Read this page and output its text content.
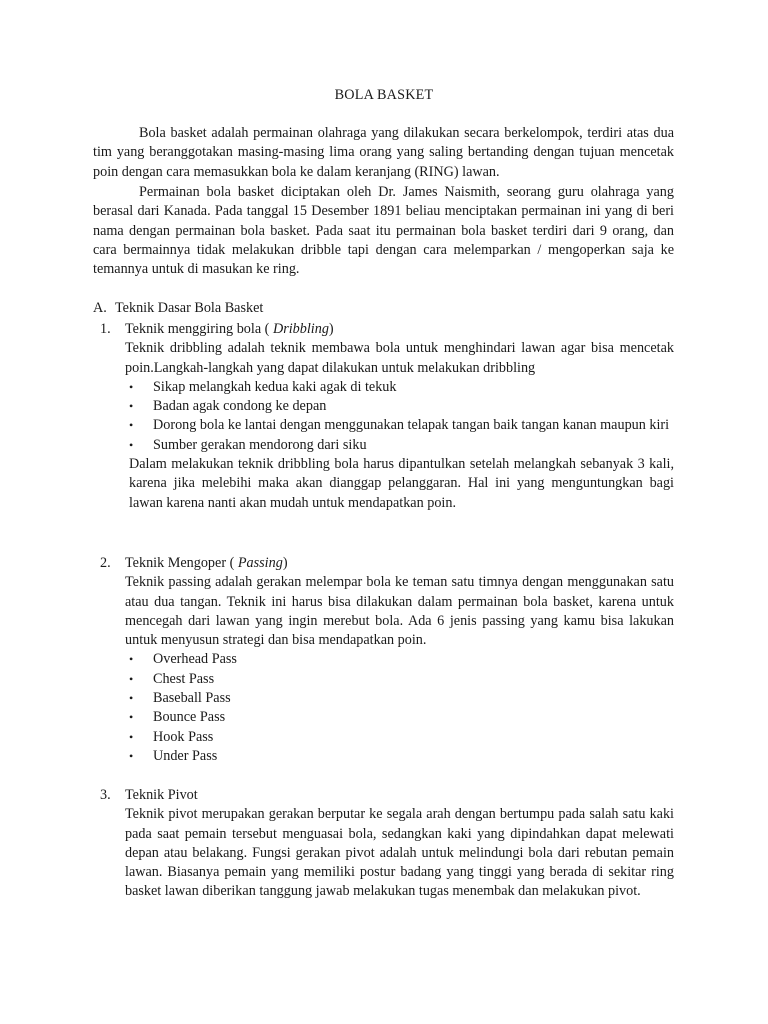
BOLA BASKET

Bola basket adalah permainan olahraga yang dilakukan secara berkelompok, terdiri atas dua tim yang beranggotakan masing-masing lima orang yang saling bertanding dengan tujuan mencetak poin dengan cara memasukkan bola ke dalam keranjang (RING) lawan.

Permainan bola basket diciptakan oleh Dr. James Naismith, seorang guru olahraga yang berasal dari Kanada. Pada tanggal 15 Desember 1891 beliau menciptakan permainan ini yang di beri nama dengan permainan bola basket. Pada saat itu permainan bola basket terdiri dari 9 orang, dan cara bermainnya tidak melakukan dribble tapi dengan cara melemparkan / mengoperkan saja ke temannya untuk di masukan ke ring.

A. Teknik Dasar Bola Basket

1. Teknik menggiring bola ( Dribbling)

Teknik dribbling adalah teknik membawa bola untuk menghindari lawan agar bisa mencetak poin.Langkah-langkah yang dapat dilakukan untuk melakukan dribbling

• Sikap melangkah kedua kaki agak di tekuk
• Badan agak condong ke depan
• Dorong bola ke lantai dengan menggunakan telapak tangan baik tangan kanan maupun kiri
• Sumber gerakan mendorong dari siku

Dalam melakukan teknik dribbling bola harus dipantulkan setelah melangkah sebanyak 3 kali, karena jika melebihi maka akan dianggap pelanggaran. Hal ini yang menguntungkan bagi lawan karena nanti akan mudah untuk mendapatkan poin.

2. Teknik Mengoper ( Passing)

Teknik passing adalah gerakan melempar bola ke teman satu timnya dengan menggunakan satu atau dua tangan. Teknik ini harus bisa dilakukan dalam permainan bola basket, karena untuk mencegah dari lawan yang ingin merebut bola. Ada 6 jenis passing yang kamu bisa lakukan untuk menyusun strategi dan bisa mendapatkan poin.

• Overhead Pass
• Chest Pass
• Baseball Pass
• Bounce Pass
• Hook Pass
• Under Pass

3. Teknik Pivot

Teknik pivot merupakan gerakan berputar ke segala arah dengan bertumpu pada salah satu kaki pada saat pemain tersebut menguasai bola, sedangkan kaki yang dipindahkan dapat melewati depan atau belakang. Fungsi gerakan pivot adalah untuk melindungi bola dari rebutan pemain lawan. Biasanya pemain yang memiliki postur badang yang tinggi yang berada di sekitar ring basket lawan diberikan tanggung jawab melakukan tugas menembak dan melakukan pivot.
